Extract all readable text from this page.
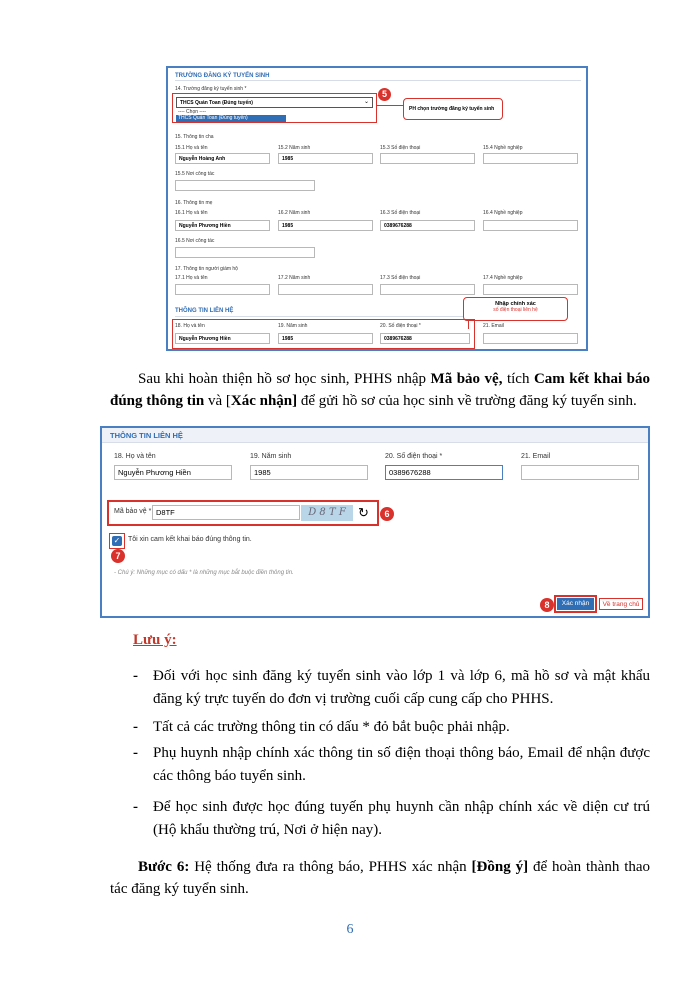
TRƯỜNG ĐĂNG KÝ TUYỂN SINH
14. Trường đăng ký tuyển sinh *
THCS Quán Toan (Đúng tuyến)	⌄
---- Chọn ----
THCS Quán Toan (Đúng tuyến)
5
PH chọn trường đăng ký tuyển sinh
15. Thông tin cha
15.1 Họ và tên
Nguyễn Hoàng Anh
15.2 Năm sinh
1985
15.3 Số điện thoại	15.4 Nghề nghiệp
15.5 Nơi công tác
16. Thông tin mẹ
16.1 Họ và tên
Nguyễn Phương Hiền
16.2 Năm sinh
1985
16.3 Số điện thoại
0389676288
16.4 Nghề nghiệp
16.5 Nơi công tác
17. Thông tin người giám hộ
17.1 Họ và tên	17.2 Năm sinh	17.3 Số điện thoại	17.4 Nghề nghiệp
THÔNG TIN LIÊN HỆ
Nhập chính xác
số điện thoại liên hệ
18. Họ và tên
Nguyễn Phương Hiền
19. Năm sinh
1985
20. Số điện thoại *
0389676288
21. Email
Sau khi hoàn thiện hồ sơ học sinh, PHHS nhập Mã bảo vệ, tích Cam kết khai báo đúng thông tin và [Xác nhận] để gửi hồ sơ của học sinh về trường đăng ký tuyển sinh.
THÔNG TIN LIÊN HỆ
18. Họ và tên
Nguyễn Phương Hiền
19. Năm sinh
1985
20. Số điện thoại *
0389676288
21. Email
Mã bảo vệ * D8TF	D 8 T F ↻	6
✓ Tôi xin cam kết khai báo đúng thông tin.
7
- Chú ý: Những mục có dấu * là những mục bắt buộc điền thông tin.
8	Xác nhận	Về trang chủ
Lưu ý:
- Đối với học sinh đăng ký tuyển sinh vào lớp 1 và lớp 6, mã hồ sơ và mật khẩu đăng ký trực tuyến do đơn vị trường cuối cấp cung cấp cho PHHS.
- Tất cả các trường thông tin có dấu * đỏ bắt buộc phải nhập.
- Phụ huynh nhập chính xác thông tin số điện thoại thông báo, Email để nhận được các thông báo tuyển sinh.
- Để học sinh được học đúng tuyến phụ huynh cần nhập chính xác về diện cư trú (Hộ khẩu thường trú, Nơi ở hiện nay).
Bước 6: Hệ thống đưa ra thông báo, PHHS xác nhận [Đồng ý] để hoàn thành thao tác đăng ký tuyển sinh.
6
